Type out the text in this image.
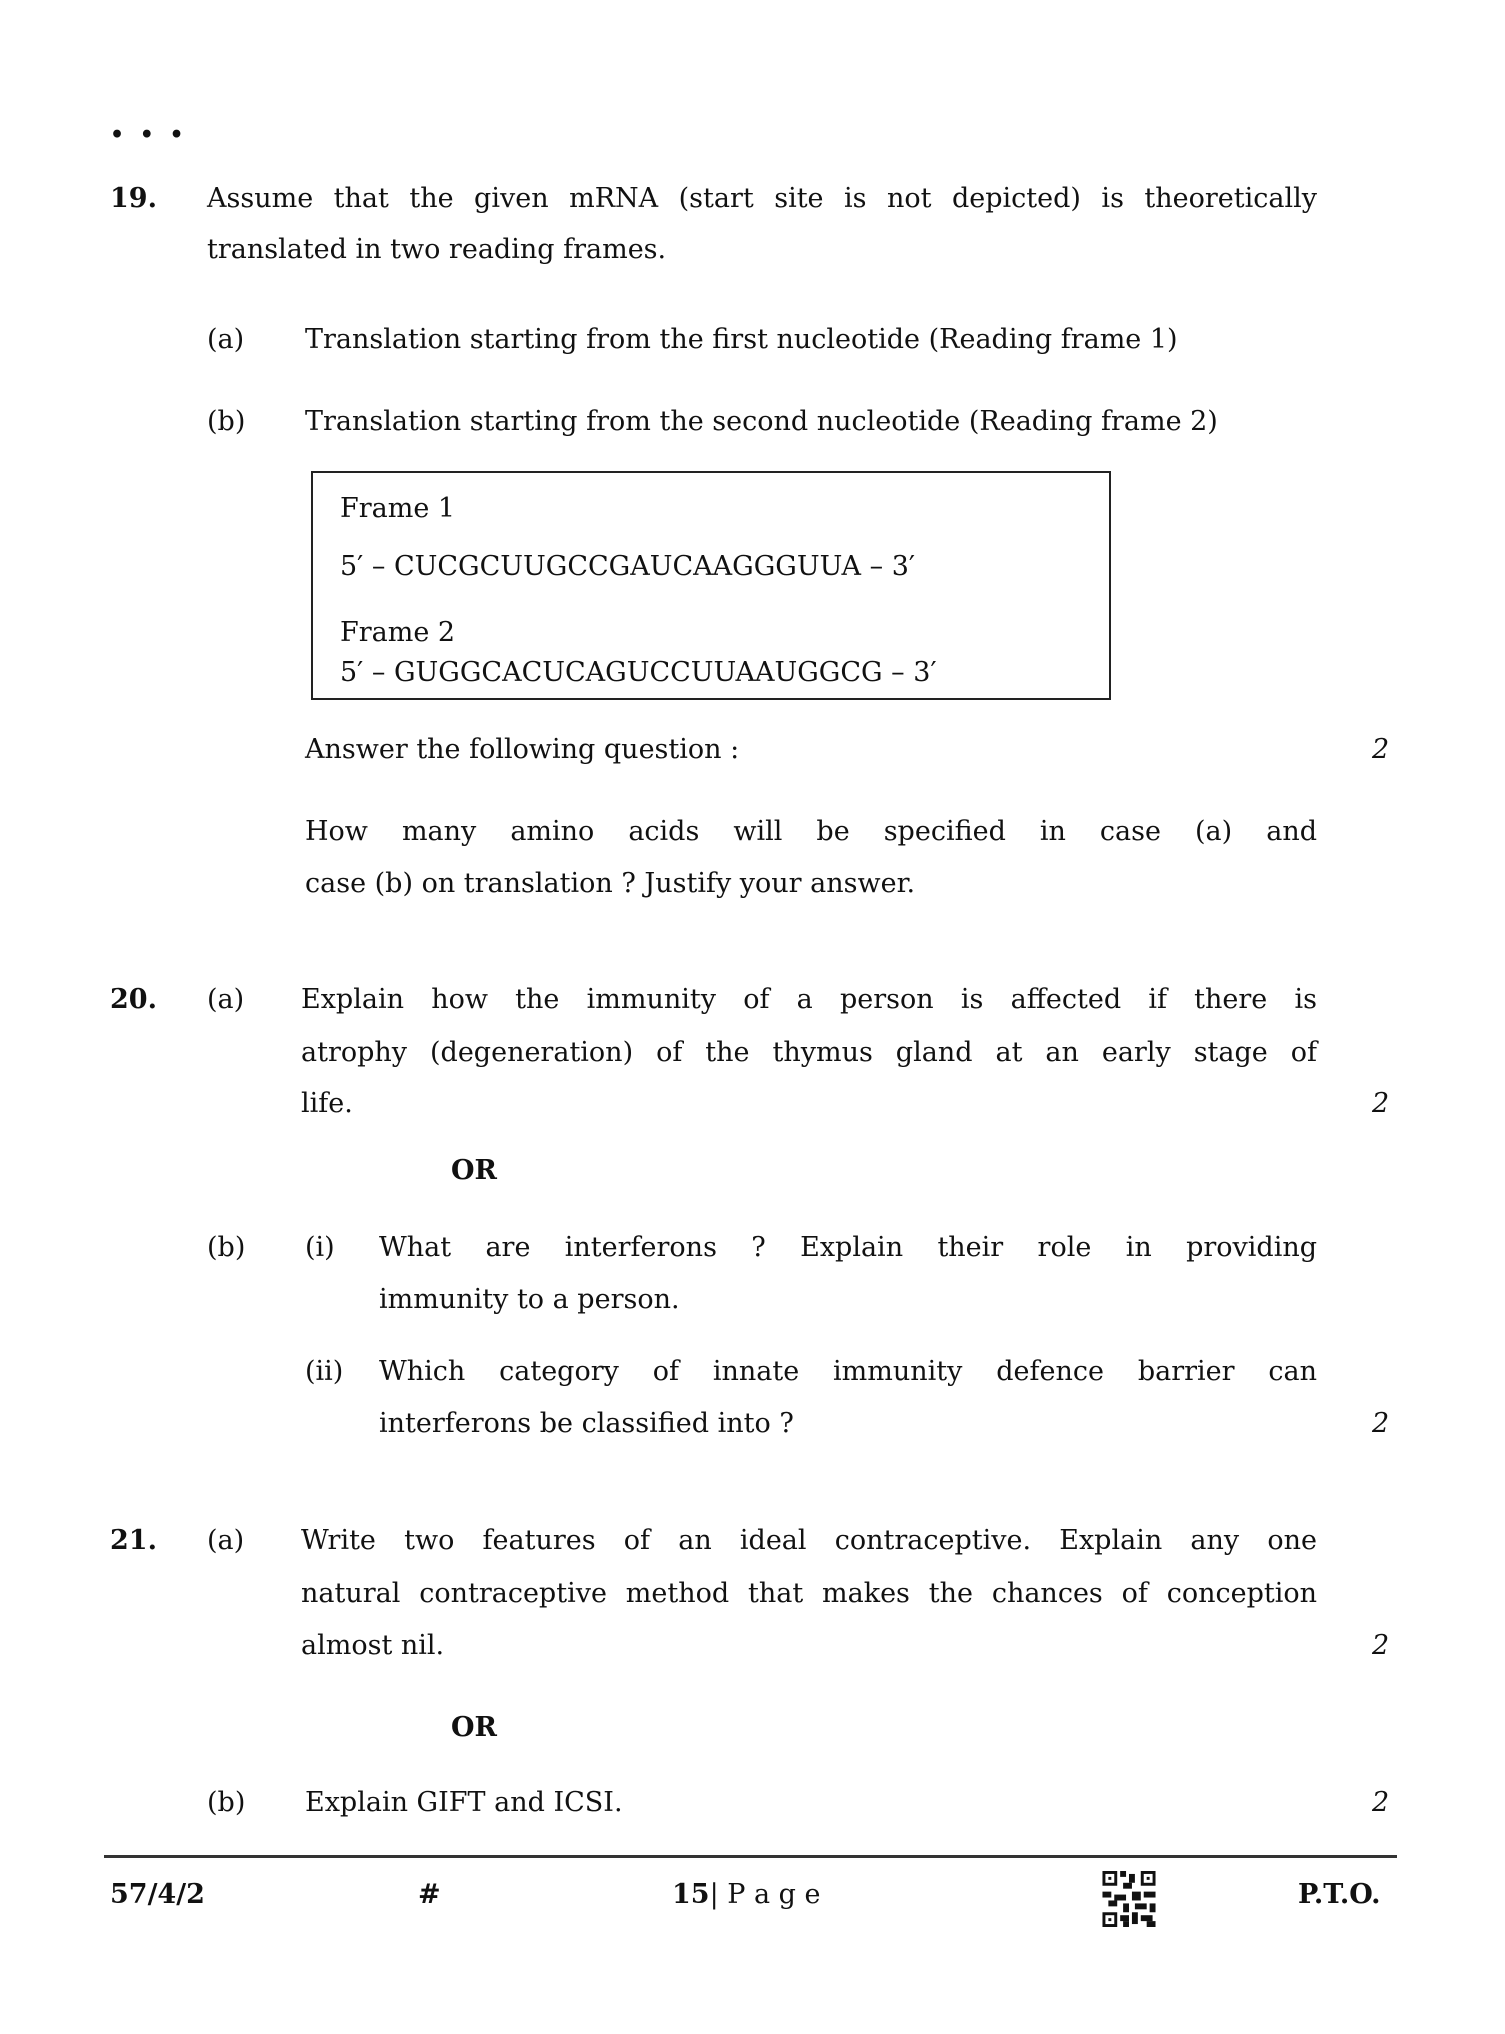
• • •
19. Assume that the given mRNA (start site is not depicted) is theoretically
translated in two reading frames.
(a) Translation starting from the first nucleotide (Reading frame 1)
(b) Translation starting from the second nucleotide (Reading frame 2)
Frame 1
5′ – CUCGCUUGCCGAUCAAGGGUUA – 3′
Frame 2
5′ – GUGGCACUCAGUCCUUAAUGGCG – 3′
Answer the following question :	2
How many amino acids will be specified in case (a) and
case (b) on translation ? Justify your answer.
20. (a) Explain how the immunity of a person is affected if there is
atrophy (degeneration) of the thymus gland at an early stage of
life.	2
OR
(b) (i) What are interferons ? Explain their role in providing
immunity to a person.
(ii) Which category of innate immunity defence barrier can
interferons be classified into ?	2
21. (a) Write two features of an ideal contraceptive. Explain any one
natural contraceptive method that makes the chances of conception
almost nil.	2
OR
(b) Explain GIFT and ICSI.	2
57/4/2	#	15| P a g e	P.T.O.
